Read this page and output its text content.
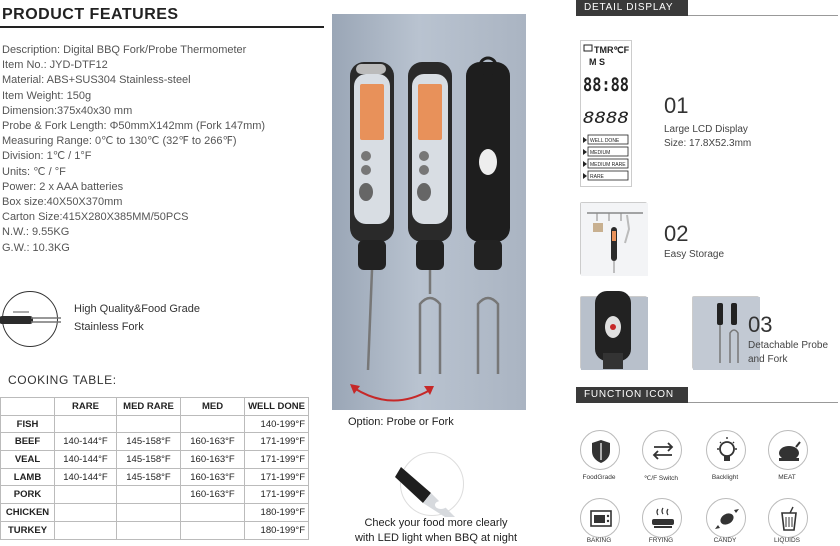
PRODUCT FEATURES
Description: Digital BBQ Fork/Probe Thermometer
Item No.: JYD-DTF12
Material: ABS+SUS304 Stainless-steel
Item Weight: 150g
Dimension:375x40x30 mm
Probe & Fork Length: Φ50mmX142mm (Fork 147mm)
Measuring Range: 0℃ to 130℃ (32℉ to 266℉)
Division: 1℃ / 1°F
Units: ℃ / °F
Power: 2 x AAA batteries
Box size:40X50X370mm
Carton Size:415X280X385MM/50PCS
N.W.: 9.55KG
G.W.: 10.3KG
High Quality&Food Grade
Stainless Fork
COOKING TABLE:
	RARE	MED RARE	MED	WELL DONE
FISH				140-199°F
BEEF	140-144°F	145-158°F	160-163°F	171-199°F
VEAL	140-144°F	145-158°F	160-163°F	171-199°F
LAMB	140-144°F	145-158°F	160-163°F	171-199°F
PORK			160-163°F	171-199°F
CHICKEN				180-199°F
TURKEY				180-199°F
Option: Probe or Fork
Check your food more clearly
with LED light when BBQ at night
DETAIL DISPLAY
TMR℃F
M S
88:88
8888
WELL DONE
MEDIUM
MEDIUM RARE
RARE
01
Large LCD Display
Size: 17.8X52.3mm
02
Easy Storage
03
Detachable Probe
and Fork
FUNCTION ICON
FoodGrade	℃/F Switch	Backlight	MEAT
BAKING	FRYING	CANDY	LIQUIDS
